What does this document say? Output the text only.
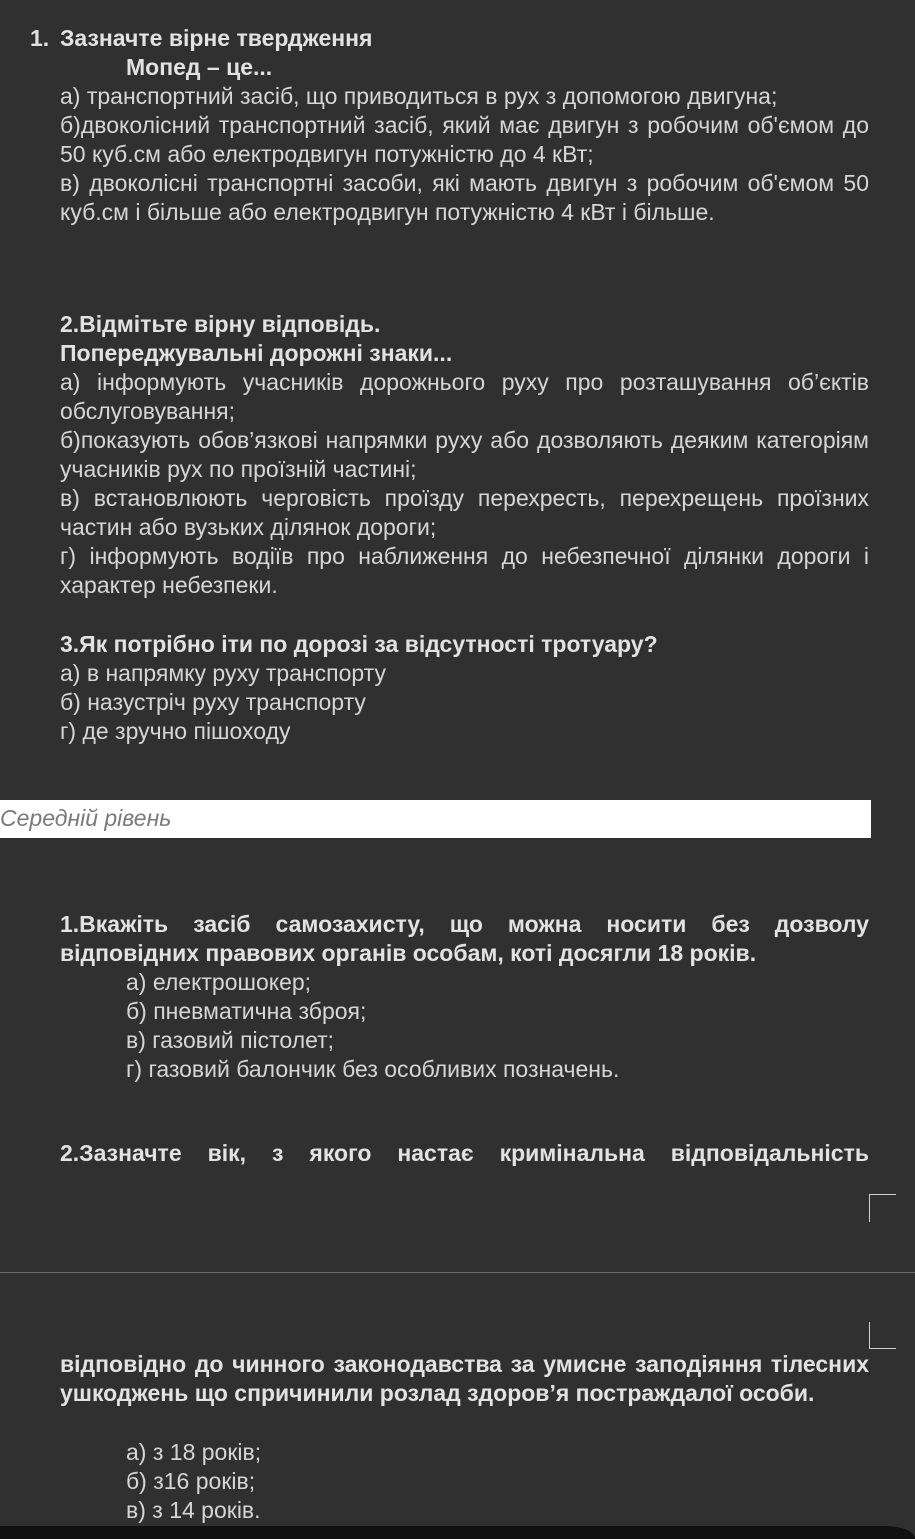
1. Зазначте вірне твердження
Мопед – це...
а) транспортний засіб, що приводиться в рух з допомогою двигуна;
б)двоколісний транспортний засіб, який має двигун з робочим об'ємом до 50 куб.см або електродвигун потужністю до 4 кВт;
в) двоколісні транспортні засоби, які мають двигун з робочим об'ємом 50 куб.см і більше або електродвигун потужністю 4 кВт і більше.
2.Відмітьте вірну відповідь.
Попереджувальні дорожні знаки...
а) інформують учасників дорожнього руху про розташування об’єктів обслуговування;
б)показують обов’язкові напрямки руху або дозволяють деяким категоріям учасників рух по проїзній частині;
в) встановлюють черговість проїзду перехресть, перехрещень проїзних частин або вузьких ділянок дороги;
г) інформують водіїв про наближення до небезпечної ділянки дороги і характер небезпеки.
3.Як потрібно іти по дорозі за відсутності тротуару?
а) в напрямку руху транспорту
б) назустріч руху транспорту
г) де зручно пішоходу
Середній рівень
1.Вкажіть засіб самозахисту, що можна носити без дозволу відповідних правових органів особам, коті досягли 18 років.
а) електрошокер;
б) пневматична зброя;
в) газовий пістолет;
г) газовий балончик без особливих позначень.
2.Зазначте вік, з якого настає кримінальна відповідальність
відповідно до чинного законодавства за умисне заподіяння тілесних ушкоджень що спричинили розлад здоров’я постраждалої особи.
а) з 18 років;
б) з16 років;
в) з 14 років.
